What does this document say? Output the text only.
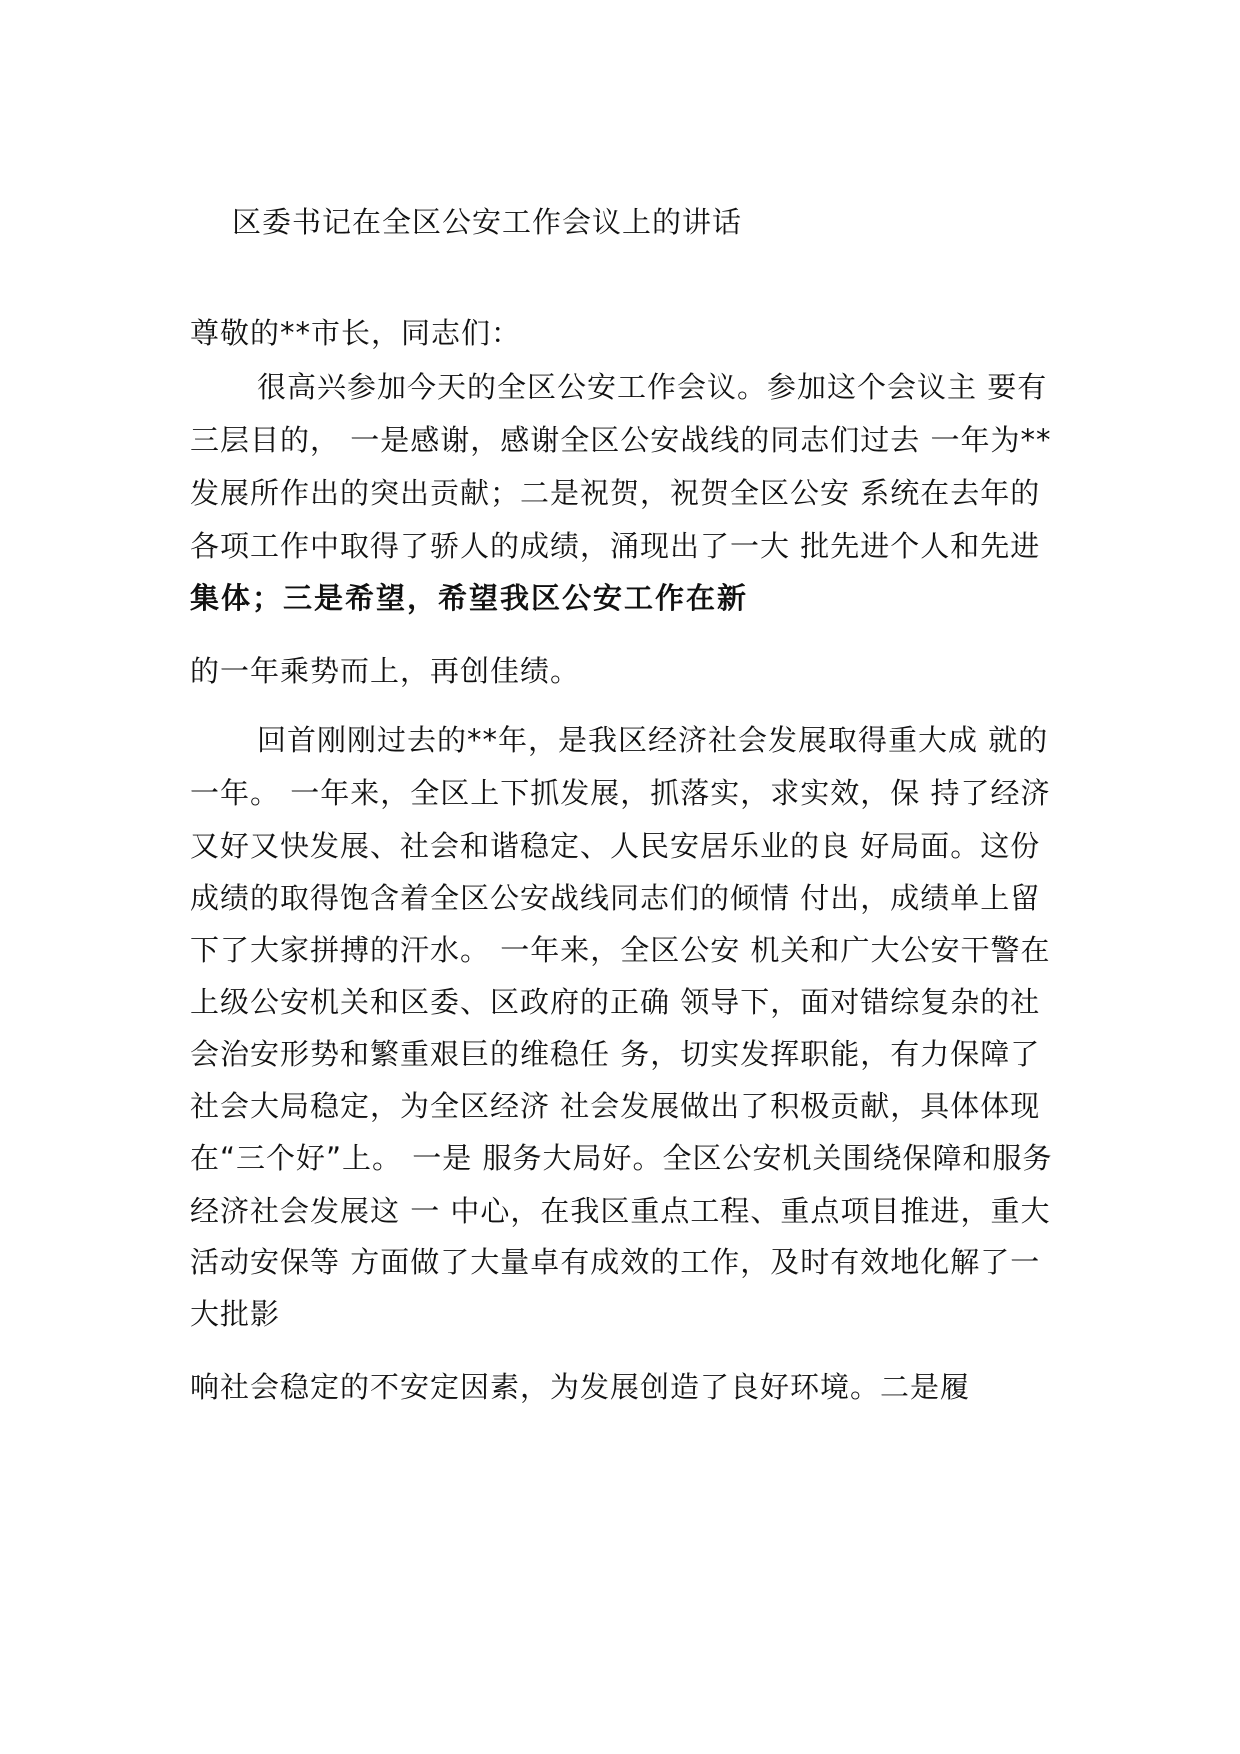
区委书记在全区公安工作会议上的讲话
尊敬的**市长，同志们：
很高兴参加今天的全区公安工作会议。参加这个会议主 要有
三层目的， 一是感谢，感谢全区公安战线的同志们过去 一年为**
发展所作出的突出贡献；二是祝贺，祝贺全区公安 系统在去年的
各项工作中取得了骄人的成绩，涌现出了一大 批先进个人和先进
集体；三是希望，希望我区公安工作在新
的一年乘势而上，再创佳绩。
回首刚刚过去的**年，是我区经济社会发展取得重大成 就的
一年。 一年来，全区上下抓发展，抓落实，求实效，保 持了经济
又好又快发展、社会和谐稳定、人民安居乐业的良 好局面。这份
成绩的取得饱含着全区公安战线同志们的倾情 付出，成绩单上留
下了大家拼搏的汗水。 一年来，全区公安 机关和广大公安干警在
上级公安机关和区委、区政府的正确 领导下，面对错综复杂的社
会治安形势和繁重艰巨的维稳任 务，切实发挥职能，有力保障了
社会大局稳定，为全区经济 社会发展做出了积极贡献，具体体现
在“三个好”上。 一是 服务大局好。全区公安机关围绕保障和服务
经济社会发展这 一 中心，在我区重点工程、重点项目推进，重大
活动安保等 方面做了大量卓有成效的工作，及时有效地化解了一
大批影
响社会稳定的不安定因素，为发展创造了良好环境。二是履
